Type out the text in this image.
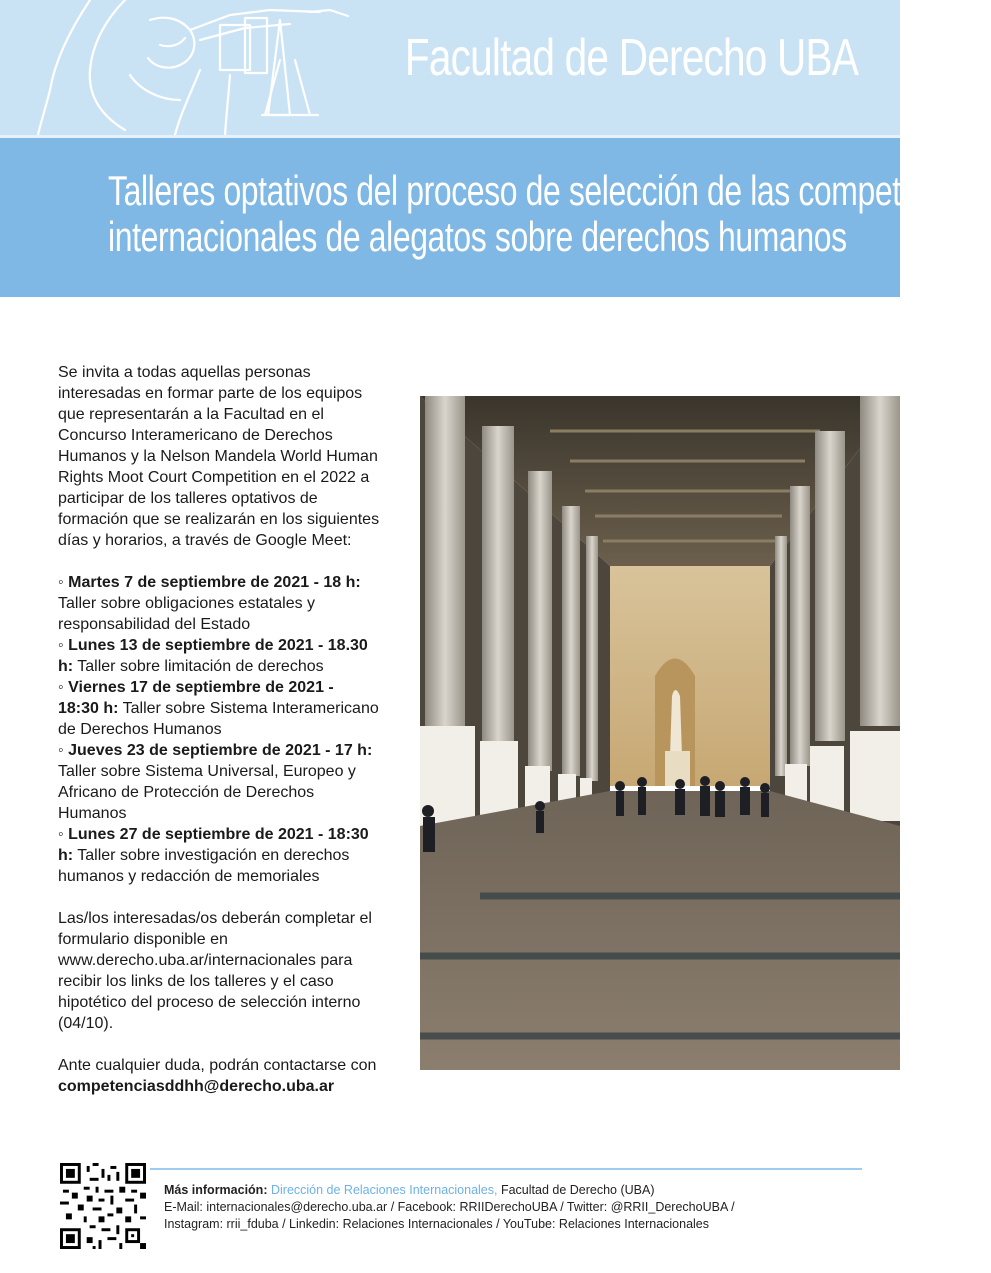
Facultad de Derecho UBA
Talleres optativos del proceso de selección de las competencias
internacionales de alegatos sobre derechos humanos

Se invita a todas aquellas personas

interesadas en formar parte de los equipos

que representarán a la Facultad en el

Concurso Interamericano de Derechos

Humanos y la Nelson Mandela World Human

Rights Moot Court Competition en el 2022 a

participar de los talleres optativos de

formación que se realizarán en los siguientes

días y horarios, a través de Google Meet:

◦ Martes 7 de septiembre de 2021 - 18 h:

Taller sobre obligaciones estatales y

responsabilidad del Estado

◦ Lunes 13 de septiembre de 2021 - 18.30

h: Taller sobre limitación de derechos

◦ Viernes 17 de septiembre de 2021 -

18:30 h: Taller sobre Sistema Interamericano

de Derechos Humanos

◦ Jueves 23 de septiembre de 2021 - 17 h:

Taller sobre Sistema Universal, Europeo y

Africano de Protección de Derechos

Humanos

◦ Lunes 27 de septiembre de 2021 - 18:30

h: Taller sobre investigación en derechos

humanos y redacción de memoriales

Las/los interesadas/os deberán completar el

formulario disponible en

www.derecho.uba.ar/internacionales para

recibir los links de los talleres y el caso

hipotético del proceso de selección interno

(04/10).

Ante cualquier duda, podrán contactarse con

competenciasddhh@derecho.uba.ar

Más información: Dirección de Relaciones Internacionales, Facultad de Derecho (UBA)
E-Mail: internacionales@derecho.uba.ar / Facebook: RRIIDerechoUBA / Twitter: @RRII_DerechoUBA /
Instagram: rrii_fduba / Linkedin: Relaciones Internacionales / YouTube: Relaciones Internacionales
